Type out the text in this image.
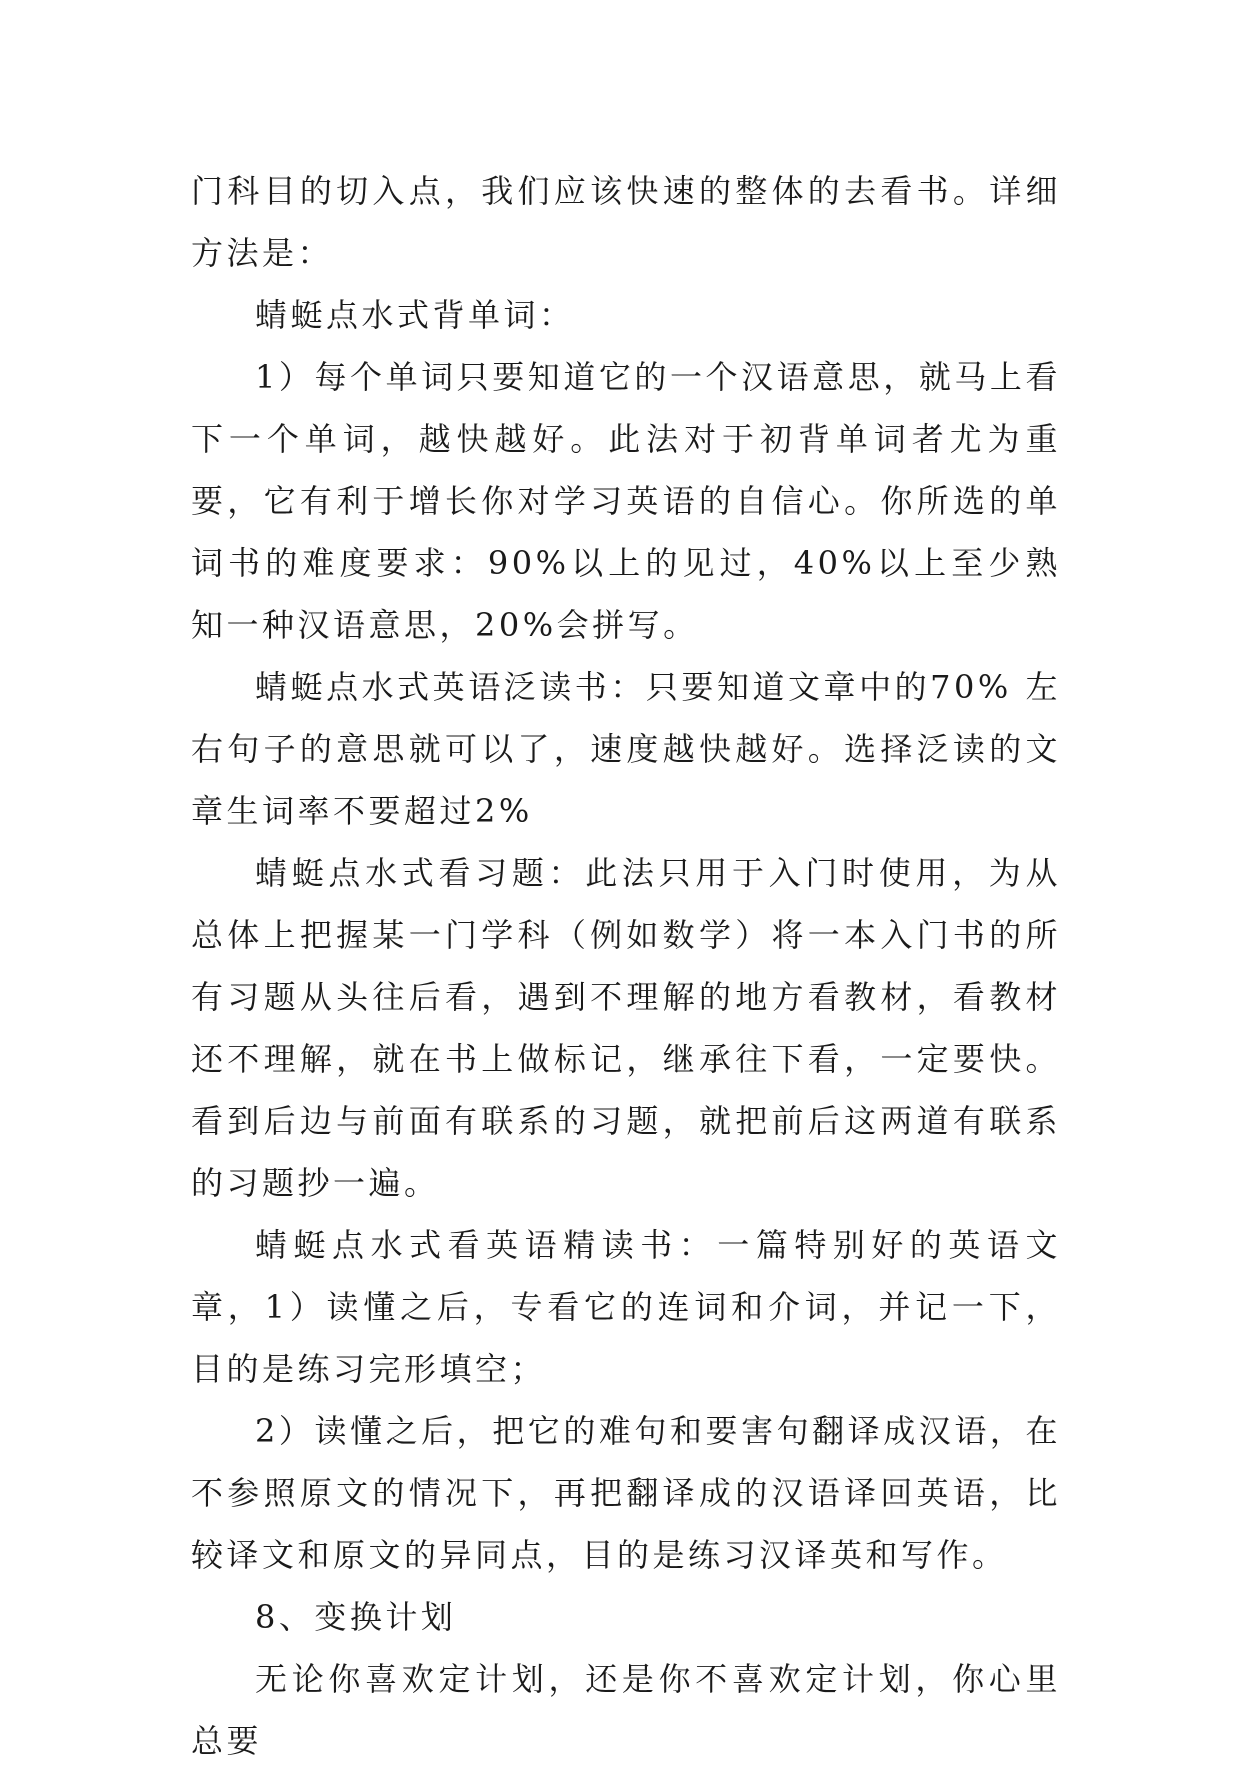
门科目的切入点，我们应该快速的整体的去看书。详细方法是：

蜻蜓点水式背单词：

1）每个单词只要知道它的一个汉语意思，就马上看下一个单词，越快越好。此法对于初背单词者尤为重要，它有利于增长你对学习英语的自信心。你所选的单词书的难度要求：90%以上的见过，40%以上至少熟知一种汉语意思，20%会拼写。

蜻蜓点水式英语泛读书：只要知道文章中的70% 左右句子的意思就可以了，速度越快越好。选择泛读的文章生词率不要超过2%

蜻蜓点水式看习题：此法只用于入门时使用，为从总体上把握某一门学科（例如数学）将一本入门书的所有习题从头往后看，遇到不理解的地方看教材，看教材还不理解，就在书上做标记，继承往下看，一定要快。看到后边与前面有联系的习题，就把前后这两道有联系的习题抄一遍。

蜻蜓点水式看英语精读书：一篇特别好的英语文章，1）读懂之后，专看它的连词和介词，并记一下，目的是练习完形填空；

2）读懂之后，把它的难句和要害句翻译成汉语，在不参照原文的情况下，再把翻译成的汉语译回英语，比较译文和原文的异同点，目的是练习汉译英和写作。

8、变换计划

无论你喜欢定计划，还是你不喜欢定计划，你心里总要
